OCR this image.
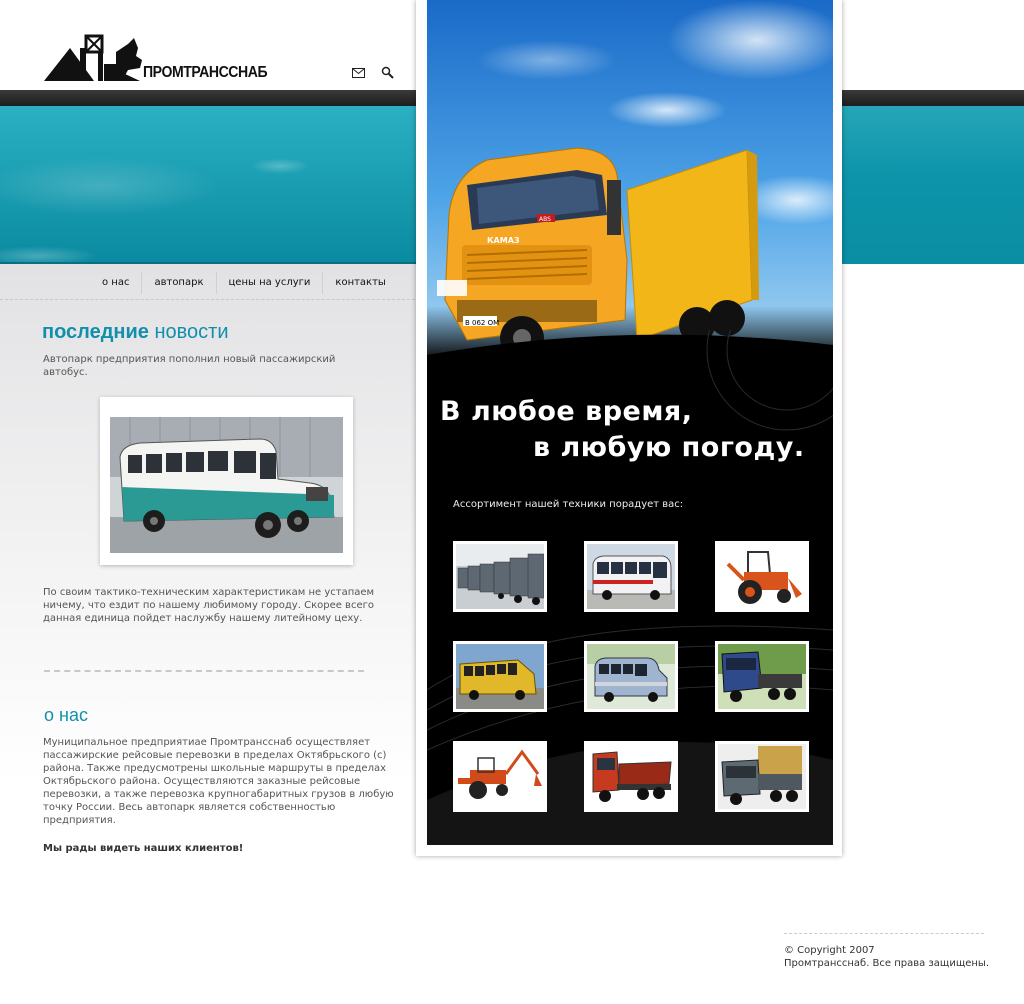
ПРОМТРАНССНАБ
о нас	автопарк	цены на услуги	контакты
последние новости
Автопарк предприятия пополнил новый пассажирский автобус.
По своим тактико-техническим характеристикам не устапаем ничему, что ездит по нашему любимому городу. Скорее всего данная единица пойдет наслужбу нашему литейному цеху.
о нас
Муниципальное предприятиае Промтрансснаб осуществляет пассажирские рейсовые перевозки в пределах Октябрьского (с) района. Также предусмотрены школьные маршруты в пределах Октябрьского района. Осуществляются заказные рейсовые перевозки, а также перевозка крупногабаритных грузов в любую точку России. Весь автопарк является собственностью предприятия.
Мы рады видеть наших клиентов!
В 062 ОМ
КАМАЗ
ABS
В любое время,
в любую погоду.
Ассортимент нашей техники порадует вас:
© Copyright 2007
Промтрансснаб. Все права защищены.
